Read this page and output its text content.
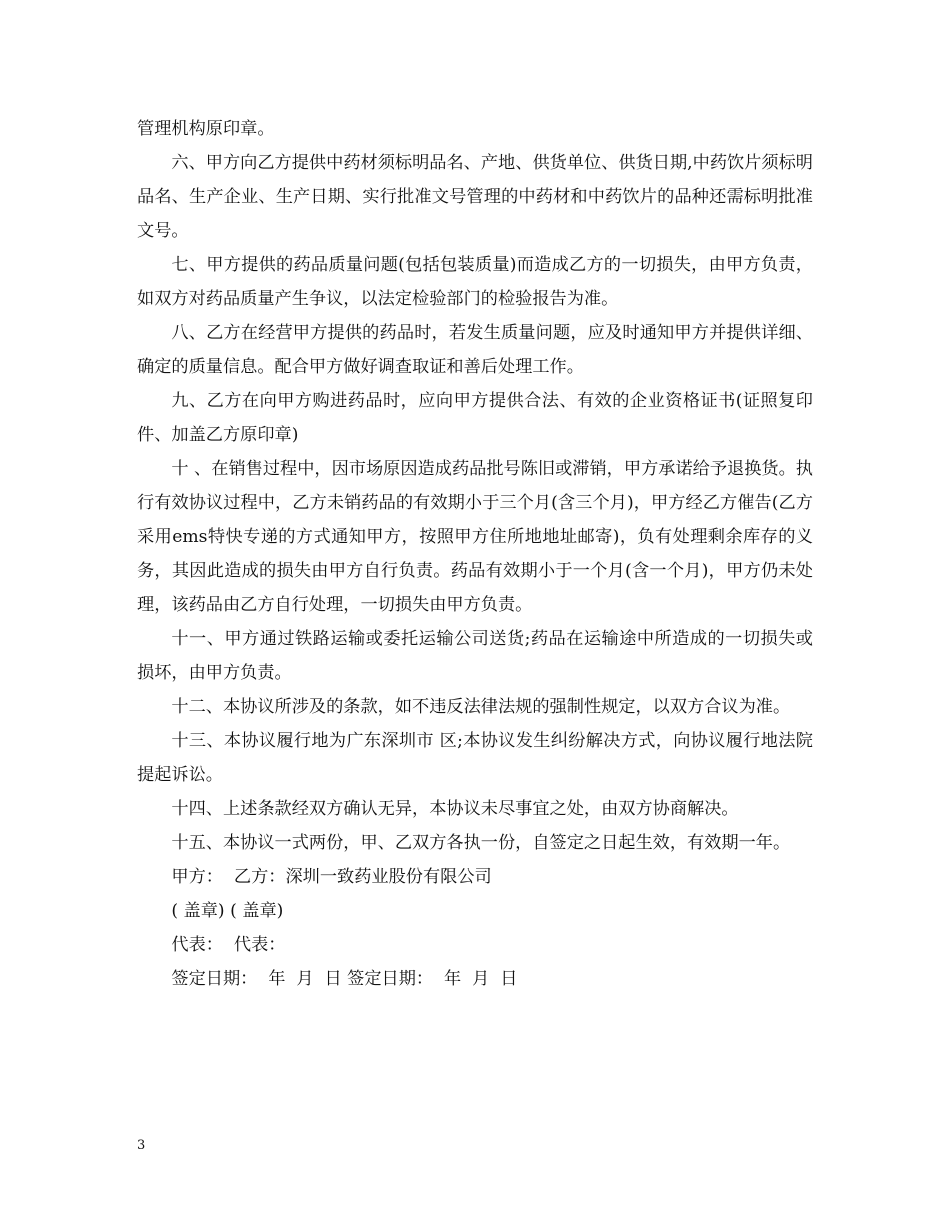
管理机构原印章。

六、甲方向乙方提供中药材须标明品名、产地、供货单位、供货日期,中药饮片须标明品名、生产企业、生产日期、实行批准文号管理的中药材和中药饮片的品种还需标明批准文号。

七、甲方提供的药品质量问题(包括包装质量)而造成乙方的一切损失，由甲方负责，如双方对药品质量产生争议，以法定检验部门的检验报告为准。

八、乙方在经营甲方提供的药品时，若发生质量问题，应及时通知甲方并提供详细、确定的质量信息。配合甲方做好调查取证和善后处理工作。

九、乙方在向甲方购进药品时，应向甲方提供合法、有效的企业资格证书(证照复印件、加盖乙方原印章)

十 、在销售过程中，因市场原因造成药品批号陈旧或滞销，甲方承诺给予退换货。执行有效协议过程中，乙方未销药品的有效期小于三个月(含三个月)，甲方经乙方催告(乙方采用ems特快专递的方式通知甲方，按照甲方住所地地址邮寄)，负有处理剩余库存的义务，其因此造成的损失由甲方自行负责。药品有效期小于一个月(含一个月)，甲方仍未处理，该药品由乙方自行处理，一切损失由甲方负责。

十一、甲方通过铁路运输或委托运输公司送货;药品在运输途中所造成的一切损失或损坏，由甲方负责。

十二、本协议所涉及的条款，如不违反法律法规的强制性规定，以双方合议为准。

十三、本协议履行地为广东深圳市 区;本协议发生纠纷解决方式，向协议履行地法院提起诉讼。

十四、上述条款经双方确认无异，本协议未尽事宜之处，由双方协商解决。

十五、本协议一式两份，甲、乙双方各执一份，自签定之日起生效，有效期一年。

甲方：  乙方：深圳一致药业股份有限公司

( 盖章) ( 盖章)

代表：  代表：

签定日期：  年  月  日 签定日期：  年  月  日

3
